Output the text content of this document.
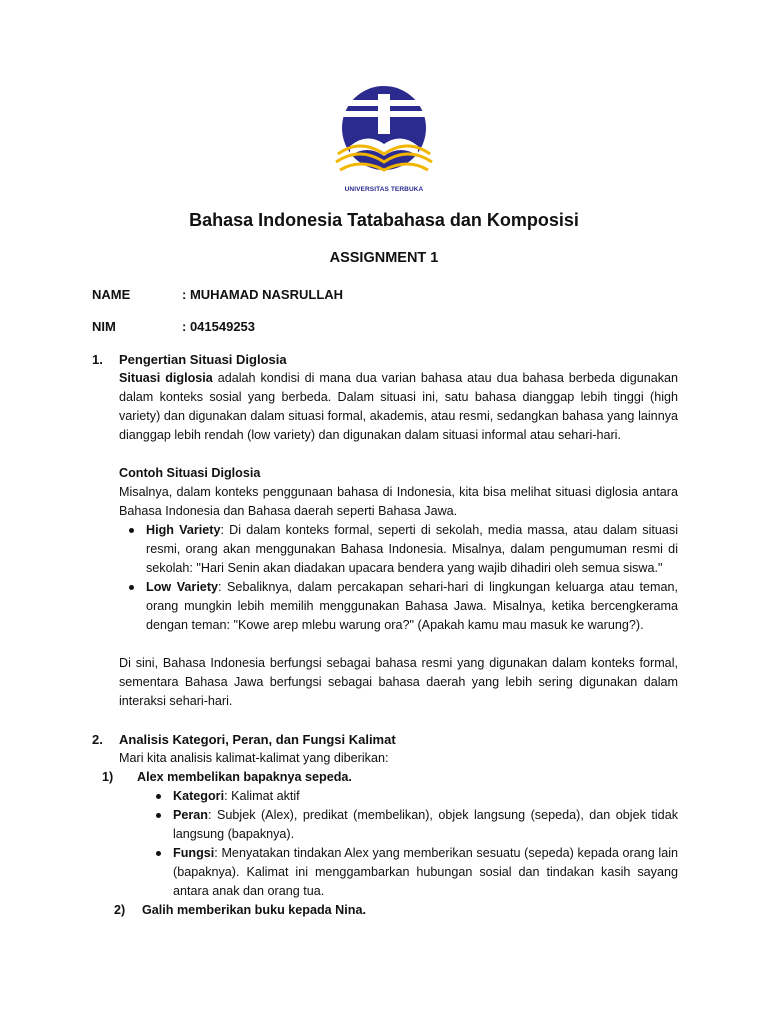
UNIVERSITAS TERBUKA
Bahasa Indonesia Tatabahasa dan Komposisi
ASSIGNMENT 1
NAME	: MUHAMAD NASRULLAH
NIM	: 041549253
1.	Pengertian Situasi Diglosia

Situasi diglosia adalah kondisi di mana dua varian bahasa atau dua bahasa berbeda digunakan dalam konteks sosial yang berbeda. Dalam situasi ini, satu bahasa dianggap lebih tinggi (high variety) dan digunakan dalam situasi formal, akademis, atau resmi, sedangkan bahasa yang lainnya dianggap lebih rendah (low variety) dan digunakan dalam situasi informal atau sehari-hari.

Contoh Situasi Diglosia

Misalnya, dalam konteks penggunaan bahasa di Indonesia, kita bisa melihat situasi diglosia antara Bahasa Indonesia dan Bahasa daerah seperti Bahasa Jawa.

High Variety: Di dalam konteks formal, seperti di sekolah, media massa, atau dalam situasi resmi, orang akan menggunakan Bahasa Indonesia. Misalnya, dalam pengumuman resmi di sekolah: "Hari Senin akan diadakan upacara bendera yang wajib dihadiri oleh semua siswa."
Low Variety: Sebaliknya, dalam percakapan sehari-hari di lingkungan keluarga atau teman, orang mungkin lebih memilih menggunakan Bahasa Jawa. Misalnya, ketika bercengkerama dengan teman: "Kowe arep mlebu warung ora?" (Apakah kamu mau masuk ke warung?).

Di sini, Bahasa Indonesia berfungsi sebagai bahasa resmi yang digunakan dalam konteks formal, sementara Bahasa Jawa berfungsi sebagai bahasa daerah yang lebih sering digunakan dalam interaksi sehari-hari.

2.	Analisis Kategori, Peran, dan Fungsi Kalimat

Mari kita analisis kalimat-kalimat yang diberikan:

1)	Alex membelikan bapaknya sepeda.
Kategori: Kalimat aktif
Peran: Subjek (Alex), predikat (membelikan), objek langsung (sepeda), dan objek tidak langsung (bapaknya).
Fungsi: Menyatakan tindakan Alex yang memberikan sesuatu (sepeda) kepada orang lain (bapaknya). Kalimat ini menggambarkan hubungan sosial dan tindakan kasih sayang antara anak dan orang tua.
2)	Galih memberikan buku kepada Nina.
